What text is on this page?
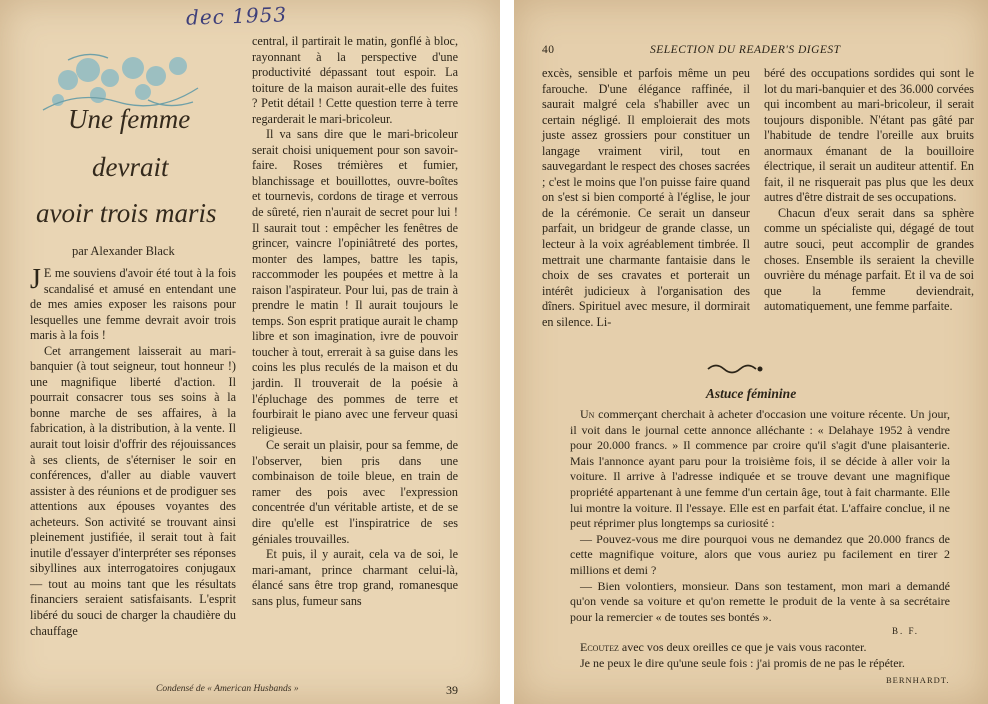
dec 1953
Une femme
devrait
avoir trois maris
par Alexander Black

J E me souviens d'avoir été tout à la fois scandalisé et amusé en entendant une de mes amies exposer les raisons pour lesquelles une femme devrait avoir trois maris à la fois !

Cet arrangement laisserait au mari-banquier (à tout seigneur, tout honneur !) une magnifique liberté d'action. Il pourrait consacrer tous ses soins à la bonne marche de ses affaires, à la fabrication, à la distribution, à la vente. Il aurait tout loisir d'offrir des réjouissances à ses clients, de s'éterniser le soir en conférences, d'aller au diable vauvert assister à des réunions et de prodiguer ses attentions aux épouses voyantes des acheteurs. Son activité se trouvant ainsi pleinement justifiée, il serait tout à fait inutile d'essayer d'interpréter ses réponses sibyllines aux interrogatoires conjugaux — tout au moins tant que les résultats financiers seraient satisfaisants. L'esprit libéré du souci de charger la chaudière du chauffage

central, il partirait le matin, gonflé à bloc, rayonnant à la perspective d'une productivité dépassant tout espoir. La toiture de la maison aurait-elle des fuites ? Petit détail ! Cette question terre à terre regarderait le mari-bricoleur.

Il va sans dire que le mari-bricoleur serait choisi uniquement pour son savoir-faire. Roses trémières et fumier, blanchissage et bouillottes, ouvre-boîtes et tournevis, cordons de tirage et verrous de sûreté, rien n'aurait de secret pour lui ! Il saurait tout : empêcher les fenêtres de grincer, vaincre l'opiniâtreté des portes, monter des lampes, battre les tapis, raccommoder les poupées et mettre à la raison l'aspirateur. Pour lui, pas de train à prendre le matin ! Il aurait toujours le temps. Son esprit pratique aurait le champ libre et son imagination, ivre de pouvoir toucher à tout, errerait à sa guise dans les coins les plus reculés de la maison et du jardin. Il trouverait de la poésie à l'épluchage des pommes de terre et fourbirait le piano avec une ferveur quasi religieuse.

Ce serait un plaisir, pour sa femme, de l'observer, bien pris dans une combinaison de toile bleue, en train de ramer des pois avec l'expression concentrée d'un véritable artiste, et de se dire qu'elle est l'inspiratrice de ses géniales trouvailles.

Et puis, il y aurait, cela va de soi, le mari-amant, prince charmant celui-là, élancé sans être trop grand, romanesque sans plus, fumeur sans

Condensé de « American Husbands »	39
40	SELECTION DU READER'S DIGEST

excès, sensible et parfois même un peu farouche. D'une élégance raffinée, il saurait malgré cela s'habiller avec un certain négligé. Il emploierait des mots juste assez grossiers pour constituer un langage vraiment viril, tout en sauvegardant le respect des choses sacrées ; c'est le moins que l'on puisse faire quand on s'est si bien comporté à l'église, le jour de la cérémonie. Ce serait un danseur parfait, un bridgeur de grande classe, un lecteur à la voix agréablement timbrée. Il mettrait une charmante fantaisie dans le choix de ses cravates et porterait un intérêt judicieux à l'organisation des dîners. Spirituel avec mesure, il dormirait en silence. Li-

béré des occupations sordides qui sont le lot du mari-banquier et des 36.000 corvées qui incombent au mari-bricoleur, il serait toujours disponible. N'étant pas gâté par l'habitude de tendre l'oreille aux bruits anormaux émanant de la bouilloire électrique, il serait un auditeur attentif. En fait, il ne risquerait pas plus que les deux autres d'être distrait de ses occupations.

Chacun d'eux serait dans sa sphère comme un spécialiste qui, dégagé de tout autre souci, peut accomplir de grandes choses. Ensemble ils seraient la cheville ouvrière du ménage parfait. Et il va de soi que la femme deviendrait, automatiquement, une femme parfaite.

Astuce féminine

Un commerçant cherchait à acheter d'occasion une voiture récente. Un jour, il voit dans le journal cette annonce alléchante : « Delahaye 1952 à vendre pour 20.000 francs. » Il commence par croire qu'il s'agit d'une plaisanterie. Mais l'annonce ayant paru pour la troisième fois, il se décide à aller voir la voiture. Il arrive à l'adresse indiquée et se trouve devant une magnifique propriété appartenant à une femme d'un certain âge, tout à fait charmante. Elle lui montre la voiture. Il l'essaye. Elle est en parfait état. L'affaire conclue, il ne peut réprimer plus longtemps sa curiosité :

— Pouvez-vous me dire pourquoi vous ne demandez que 20.000 francs de cette magnifique voiture, alors que vous auriez pu facilement en tirer 2 millions et demi ?

— Bien volontiers, monsieur. Dans son testament, mon mari a demandé qu'on vende sa voiture et qu'on remette le produit de la vente à sa secrétaire pour la remercier « de toutes ses bontés ».

B. F.

Ecoutez avec vos deux oreilles ce que je vais vous raconter.

Je ne peux le dire qu'une seule fois : j'ai promis de ne pas le répéter.

BERNHARDT.
